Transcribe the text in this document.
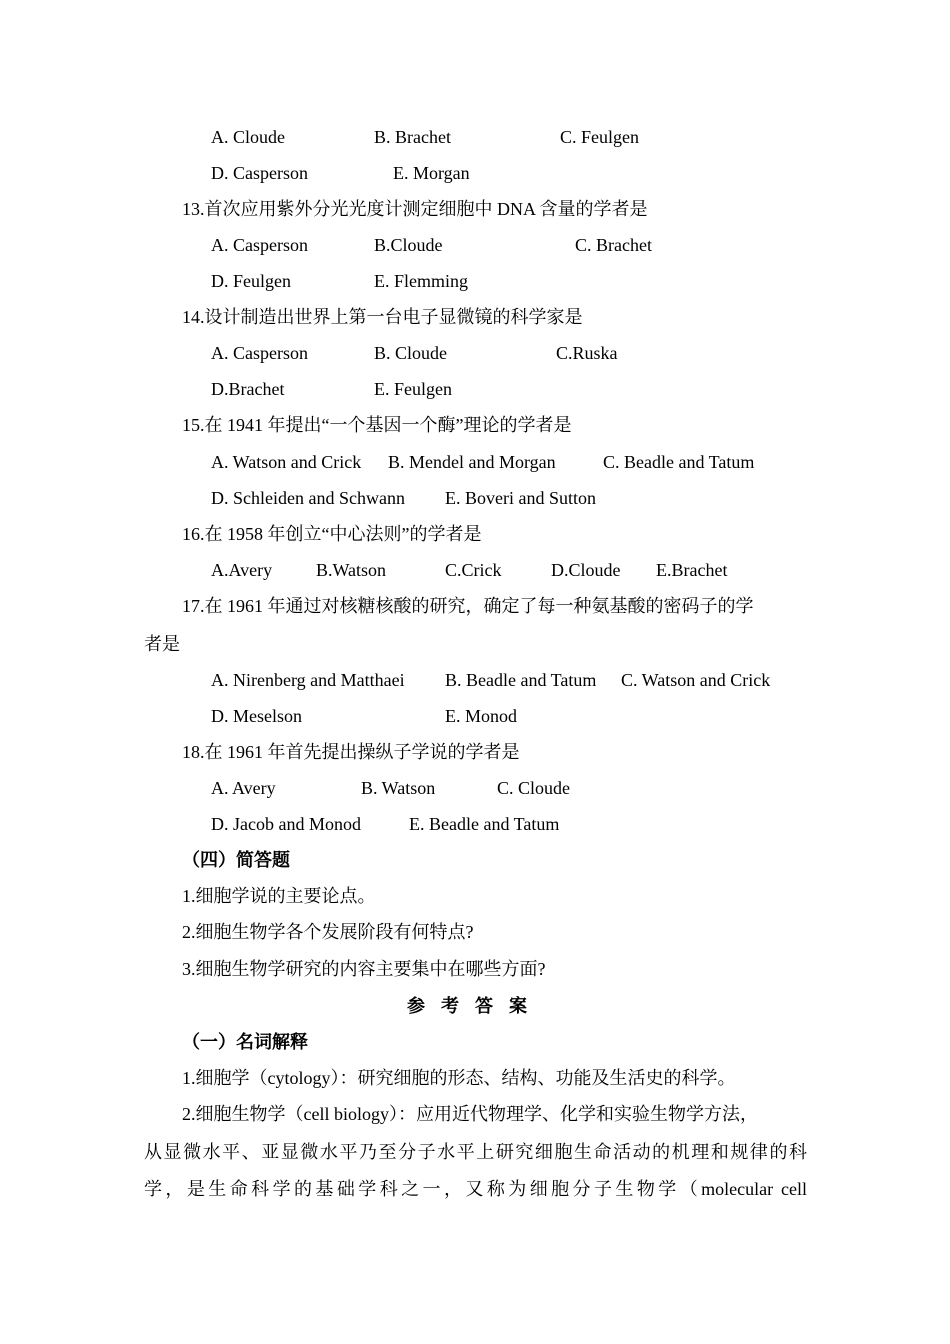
A. Cloude	B. Brachet	C. Feulgen
D. Casperson	E. Morgan
13.首次应用紫外分光光度计测定细胞中 DNA 含量的学者是
A. Casperson	B.Cloude	C. Brachet
D. Feulgen	E. Flemming
14.设计制造出世界上第一台电子显微镜的科学家是
A. Casperson	B. Cloude	C.Ruska
D.Brachet	E. Feulgen
15.在 1941 年提出“一个基因一个酶”理论的学者是
A. Watson and Crick B. Mendel and Morgan	C. Beadle and Tatum
D. Schleiden and Schwann E. Boveri and Sutton
16.在 1958 年创立“中心法则”的学者是
A.Avery B.Watson	C.Crick	D.Cloude E.Brachet
17.在 1961 年通过对核糖核酸的研究，确定了每一种氨基酸的密码子的学
者是
A. Nirenberg and Matthaei B. Beadle and Tatum C. Watson and Crick
D. Meselson	E. Monod
18.在 1961 年首先提出操纵子学说的学者是
A. Avery	B. Watson	C. Cloude
D. Jacob and Monod	E. Beadle and Tatum
（四）简答题
1.细胞学说的主要论点。
2.细胞生物学各个发展阶段有何特点?
3.细胞生物学研究的内容主要集中在哪些方面?
参考答案
（一）名词解释
1.细胞学（cytology）：研究细胞的形态、结构、功能及生活史的科学。
2.细胞生物学（cell biology）：应用近代物理学、化学和实验生物学方法，
从显微水平、亚显微水平乃至分子水平上研究细胞生命活动的机理和规律的科
学，是生命科学的基础学科之一，又称为细胞分子生物学（molecular cell
